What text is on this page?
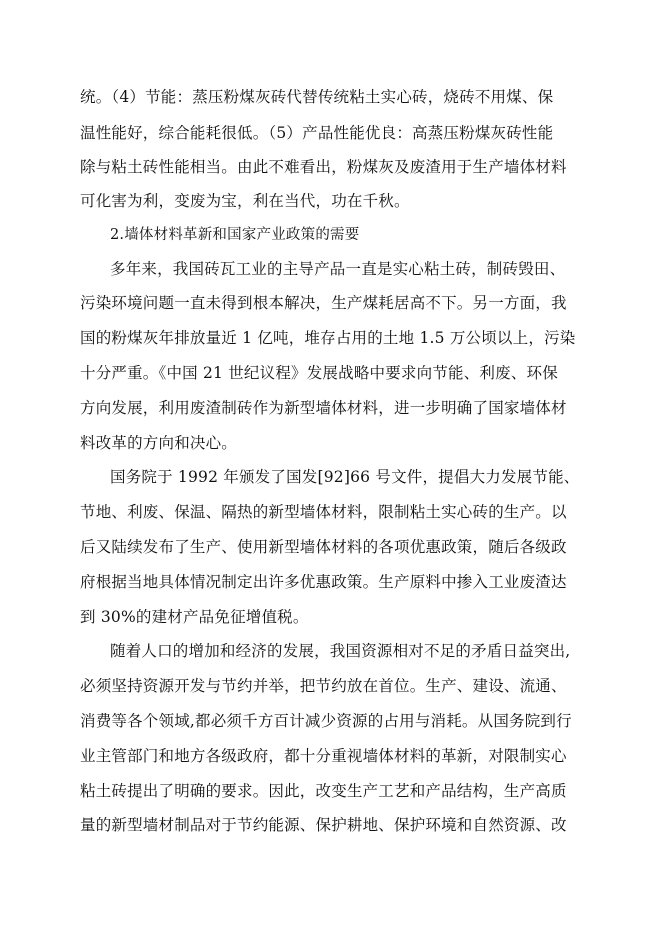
统。（4）节能：蒸压粉煤灰砖代替传统粘土实心砖，烧砖不用煤、保
温性能好，综合能耗很低。（5）产品性能优良：高蒸压粉煤灰砖性能
除与粘土砖性能相当。由此不难看出，粉煤灰及废渣用于生产墙体材料
可化害为利，变废为宝，利在当代，功在千秋。
2.墙体材料革新和国家产业政策的需要
多年来，我国砖瓦工业的主导产品一直是实心粘土砖，制砖毁田、
污染环境问题一直未得到根本解决，生产煤耗居高不下。另一方面，我
国的粉煤灰年排放量近 1 亿吨，堆存占用的土地 1.5 万公顷以上，污染
十分严重。《中国 21 世纪议程》发展战略中要求向节能、利废、环保
方向发展，利用废渣制砖作为新型墙体材料，进一步明确了国家墙体材
料改革的方向和决心。
国务院于 1992 年颁发了国发[92]66 号文件，提倡大力发展节能、
节地、利废、保温、隔热的新型墙体材料，限制粘土实心砖的生产。以
后又陆续发布了生产、使用新型墙体材料的各项优惠政策，随后各级政
府根据当地具体情况制定出许多优惠政策。生产原料中掺入工业废渣达
到 30%的建材产品免征增值税。
随着人口的增加和经济的发展，我国资源相对不足的矛盾日益突出,
必须坚持资源开发与节约并举，把节约放在首位。生产、建设、流通、
消费等各个领域,都必须千方百计减少资源的占用与消耗。从国务院到行
业主管部门和地方各级政府，都十分重视墙体材料的革新，对限制实心
粘土砖提出了明确的要求。因此，改变生产工艺和产品结构，生产高质
量的新型墙材制品对于节约能源、保护耕地、保护环境和自然资源、改
